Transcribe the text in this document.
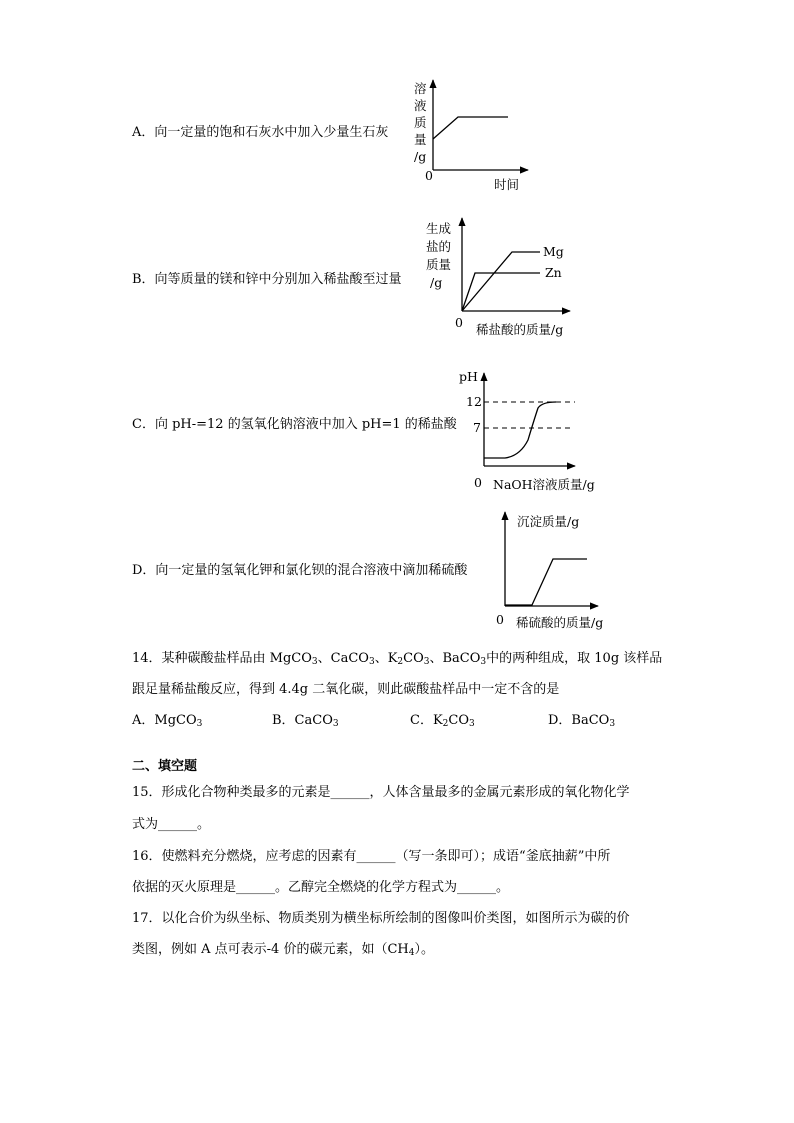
A．向一定量的饱和石灰水中加入少量生石灰
溶
液
质
量
/g
0
时间
B．向等质量的镁和锌中分别加入稀盐酸至过量
生成
盐的
质量
/g
Mg
Zn
0 稀盐酸的质量/g
C．向 pH-=12 的氢氧化钠溶液中加入 pH=1 的稀盐酸
pH
12
7
0 NaOH溶液质量/g
D．向一定量的氢氧化钾和氯化钡的混合溶液中滴加稀硫酸
沉淀质量/g
0 稀硫酸的质量/g
14．某种碳酸盐样品由 MgCO$_3$、CaCO$_3$、$K_2CO_3$、BaCO$_3$中的两种组成，取 10g 该样品
跟足量稀盐酸反应，得到 4.4g 二氧化碳，则此碳酸盐样品中一定不含的是
A．MgCO$_3$	B．CaCO$_3$	C．$K_2CO_3$	D．BaCO$_3$
二、填空题
15．形成化合物种类最多的元素是______，人体含量最多的金属元素形成的氧化物化学
式为______。
16．使燃料充分燃烧，应考虑的因素有______（写一条即可）；成语“釜底抽薪”中所
依据的灭火原理是______。乙醇完全燃烧的化学方程式为______。
17．以化合价为纵坐标、物质类别为横坐标所绘制的图像叫价类图，如图所示为碳的价
类图，例如 A 点可表示-4 价的碳元素，如$(CH_4)$。
